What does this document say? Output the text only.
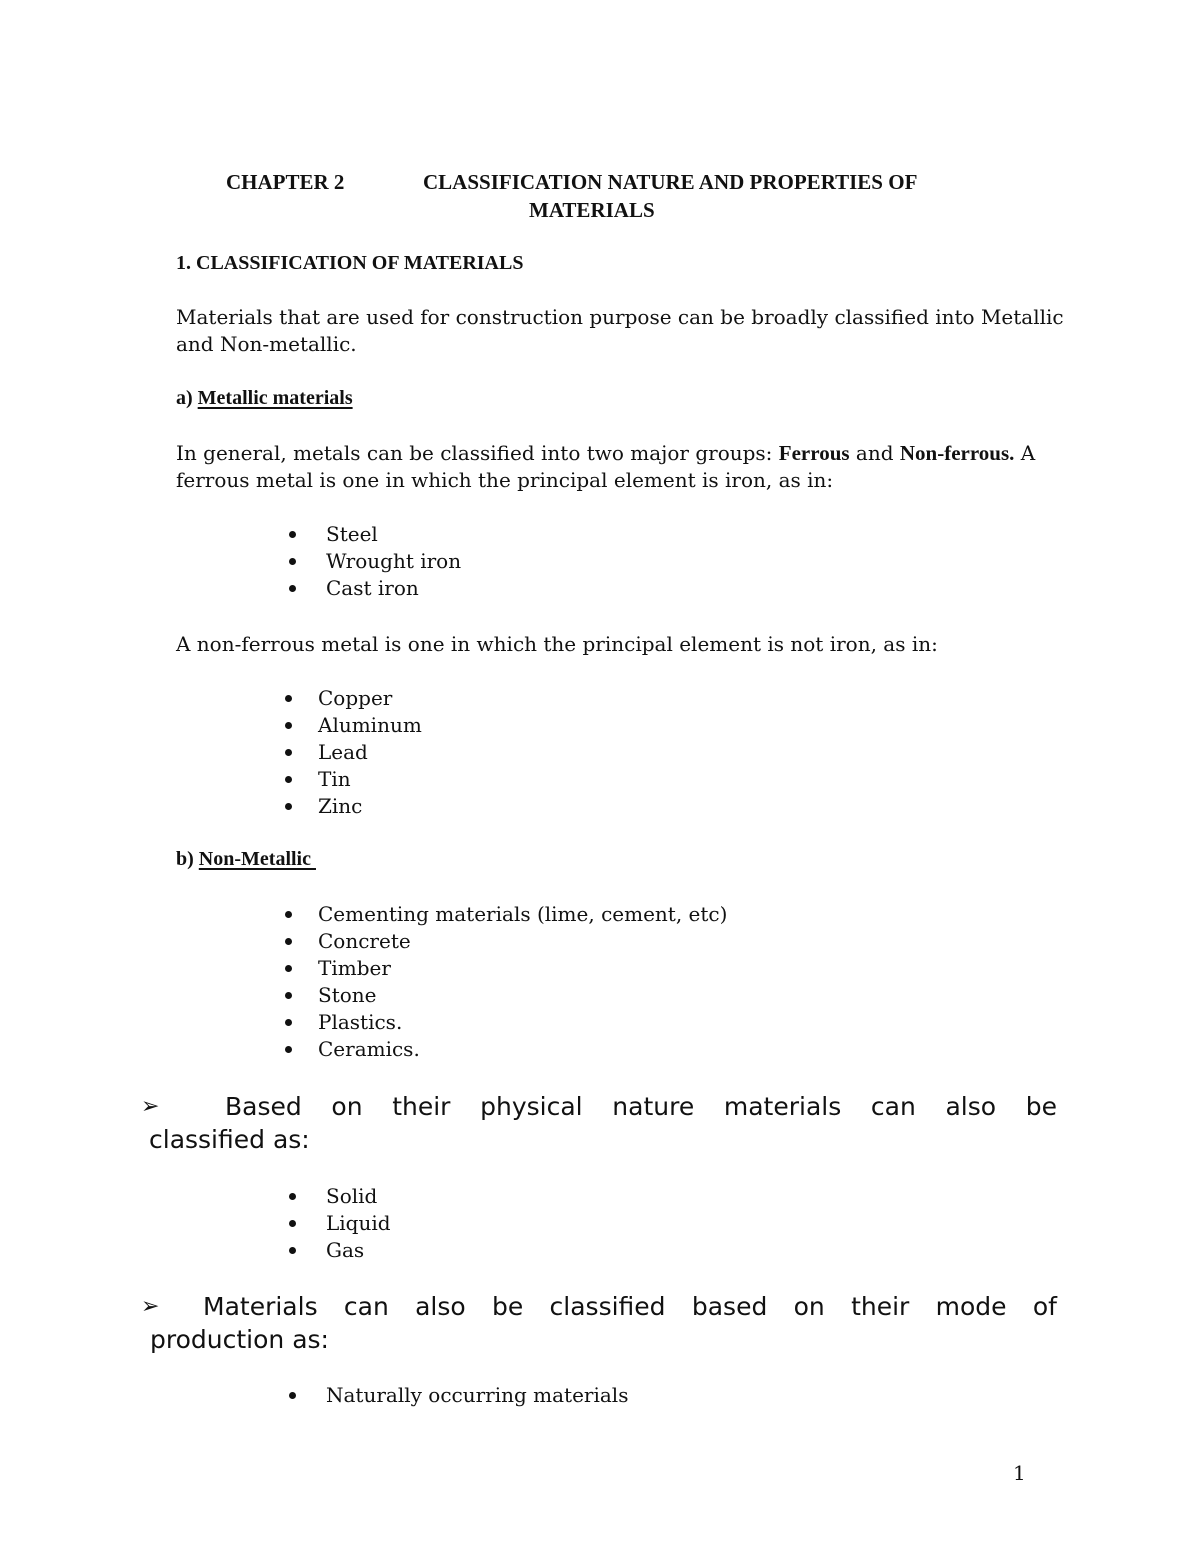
CHAPTER 2	CLASSIFICATION NATURE AND PROPERTIES OF
MATERIALS
1. CLASSIFICATION OF MATERIALS
Materials that are used for construction purpose can be broadly classified into Metallic
and Non-metallic.
a) Metallic materials
In general, metals can be classified into two major groups: Ferrous and Non-ferrous. A
ferrous metal is one in which the principal element is iron, as in:
Steel
Wrought iron
Cast iron
A non-ferrous metal is one in which the principal element is not iron, as in:
Copper
Aluminum
Lead
Tin
Zinc
b) Non-Metallic
Cementing materials (lime, cement, etc)
Concrete
Timber
Stone
Plastics.
Ceramics.
➢	Based on their physical nature materials can also be
classified as:
Solid
Liquid
Gas
➢ Materials can also be classified based on their mode of
production as:
Naturally occurring materials
1
